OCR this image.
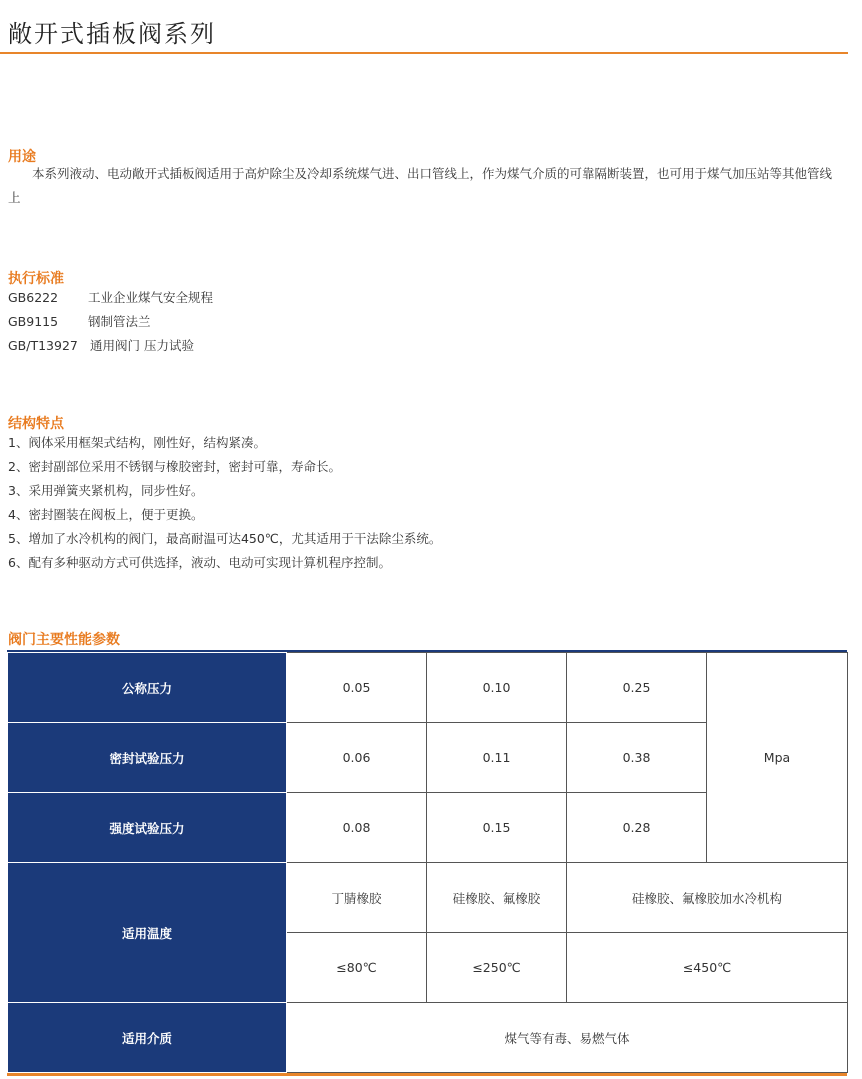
敞开式插板阀系列
用途
本系列液动、电动敞开式插板阀适用于高炉除尘及冷却系统煤气进、出口管线上，作为煤气介质的可靠隔断装置，也可用于煤气加压站等其他管线上
执行标准
GB6222 工业企业煤气安全规程
GB9115 钢制管法兰
GB/T13927 通用阀门 压力试验
结构特点
1、阀体采用框架式结构，刚性好，结构紧凑。
2、密封副部位采用不锈钢与橡胶密封，密封可靠，寿命长。
3、采用弹簧夹紧机构，同步性好。
4、密封圈装在阀板上，便于更换。
5、增加了水冷机构的阀门，最高耐温可达450℃，尤其适用于干法除尘系统。
6、配有多种驱动方式可供选择，液动、电动可实现计算机程序控制。
阀门主要性能参数
公称压力	0.05	0.10	0.25	Mpa
密封试验压力	0.06	0.11	0.38	
强度试验压力	0.08	0.15	0.28	
适用温度	丁腈橡胶	硅橡胶、氟橡胶	硅橡胶、氟橡胶加水冷机构	
	≤80℃	≤250℃	≤450℃	
适用介质	煤气等有毒、易燃气体			
